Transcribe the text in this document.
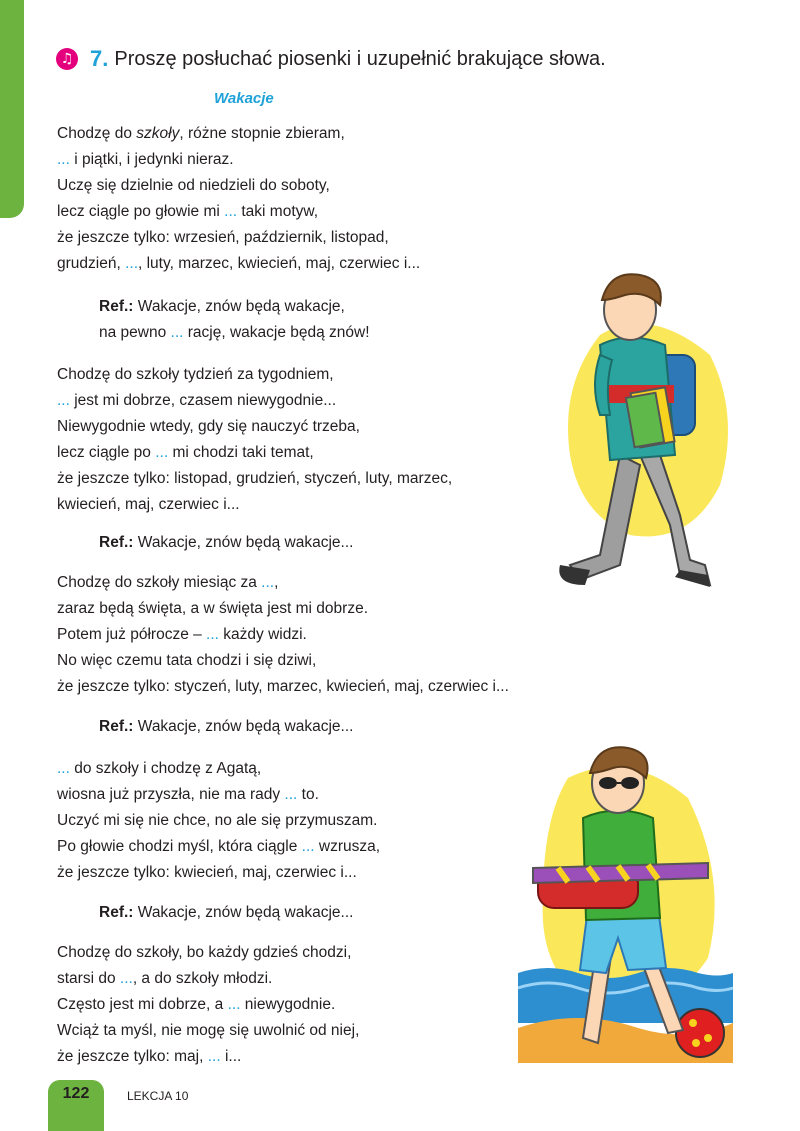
♫ 7. Proszę posłuchać piosenki i uzupełnić brakujące słowa.
Wakacje
Chodzę do szkoły, różne stopnie zbieram,
... i piątki, i jedynki nieraz.
Uczę się dzielnie od niedzieli do soboty,
lecz ciągle po głowie mi ... taki motyw,
że jeszcze tylko: wrzesień, październik, listopad,
grudzień, ..., luty, marzec, kwiecień, maj, czerwiec i...
Ref.: Wakacje, znów będą wakacje,
na pewno ... rację, wakacje będą znów!
Chodzę do szkoły tydzień za tygodniem,
... jest mi dobrze, czasem niewygodnie...
Niewygodnie wtedy, gdy się nauczyć trzeba,
lecz ciągle po ... mi chodzi taki temat,
że jeszcze tylko: listopad, grudzień, styczeń, luty, marzec,
kwiecień, maj, czerwiec i...
Ref.: Wakacje, znów będą wakacje...
Chodzę do szkoły miesiąc za ...,
zaraz będą święta, a w święta jest mi dobrze.
Potem już półrocze – ... każdy widzi.
No więc czemu tata chodzi i się dziwi,
że jeszcze tylko: styczeń, luty, marzec, kwiecień, maj, czerwiec i...
Ref.: Wakacje, znów będą wakacje...
... do szkoły i chodzę z Agatą,
wiosna już przyszła, nie ma rady ... to.
Uczyć mi się nie chce, no ale się przymuszam.
Po głowie chodzi myśl, która ciągle ... wzrusza,
że jeszcze tylko: kwiecień, maj, czerwiec i...
Ref.: Wakacje, znów będą wakacje...
Chodzę do szkoły, bo każdy gdzieś chodzi,
starsi do ..., a do szkoły młodzi.
Często jest mi dobrze, a ... niewygodnie.
Wciąż ta myśl, nie mogę się uwolnić od niej,
że jeszcze tylko: maj, ... i...
122	LEKCJA 10
